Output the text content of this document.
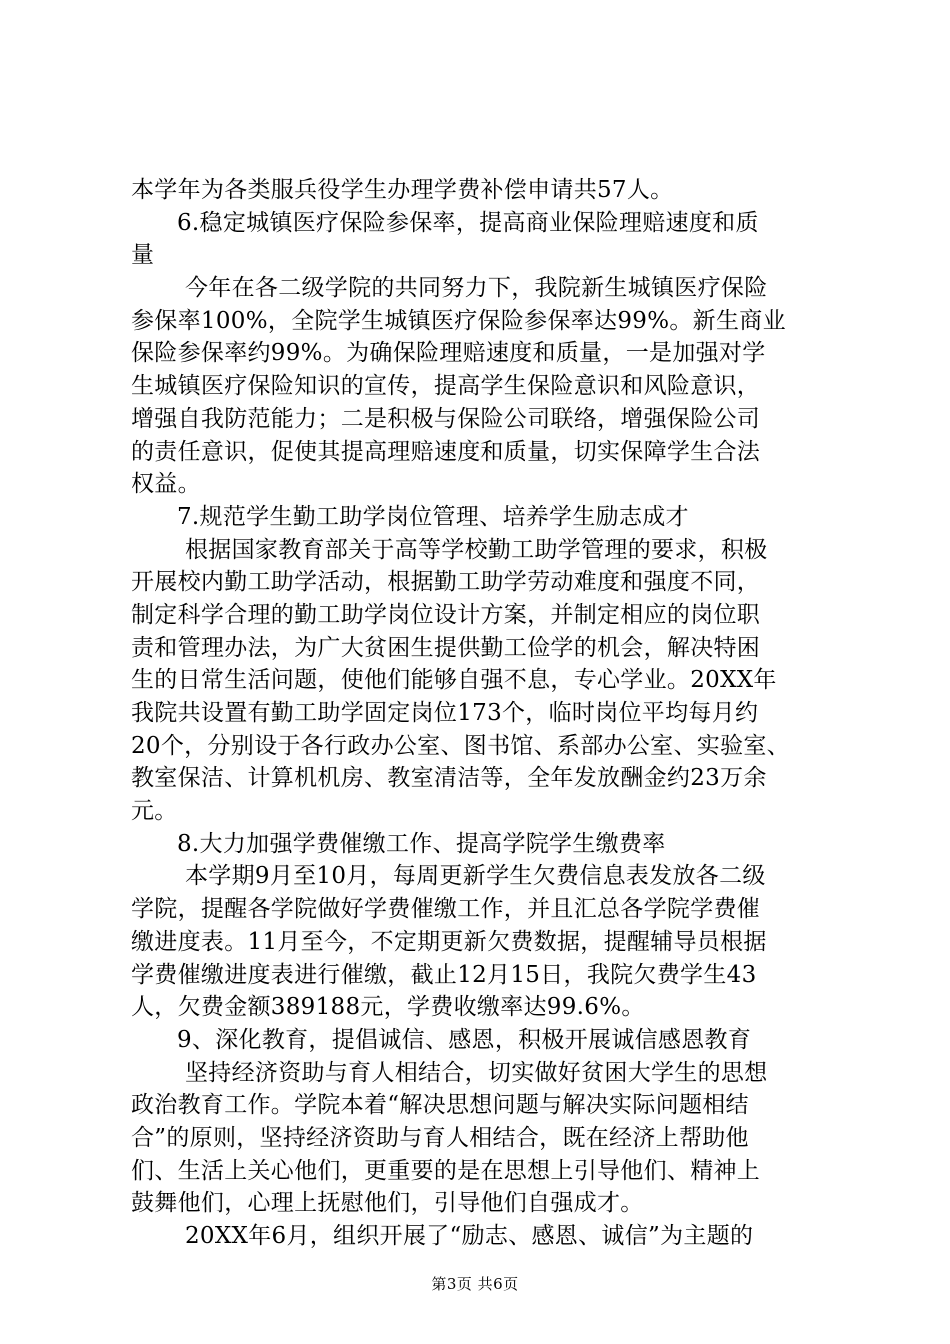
本学年为各类服兵役学生办理学费补偿申请共57人。
6.稳定城镇医疗保险参保率，提高商业保险理赔速度和质
量
今年在各二级学院的共同努力下，我院新生城镇医疗保险
参保率100%，全院学生城镇医疗保险参保率达99%。新生商业
保险参保率约99%。为确保险理赔速度和质量，一是加强对学
生城镇医疗保险知识的宣传，提高学生保险意识和风险意识，
增强自我防范能力；二是积极与保险公司联络，增强保险公司
的责任意识，促使其提高理赔速度和质量，切实保障学生合法
权益。
7.规范学生勤工助学岗位管理、培养学生励志成才
根据国家教育部关于高等学校勤工助学管理的要求，积极
开展校内勤工助学活动，根据勤工助学劳动难度和强度不同，
制定科学合理的勤工助学岗位设计方案，并制定相应的岗位职
责和管理办法，为广大贫困生提供勤工俭学的机会，解决特困
生的日常生活问题，使他们能够自强不息，专心学业。20XX年
我院共设置有勤工助学固定岗位173个，临时岗位平均每月约
20个，分别设于各行政办公室、图书馆、系部办公室、实验室、
教室保洁、计算机机房、教室清洁等，全年发放酬金约23万余
元。
8.大力加强学费催缴工作、提高学院学生缴费率
本学期9月至10月，每周更新学生欠费信息表发放各二级
学院，提醒各学院做好学费催缴工作，并且汇总各学院学费催
缴进度表。11月至今，不定期更新欠费数据，提醒辅导员根据
学费催缴进度表进行催缴，截止12月15日，我院欠费学生43
人，欠费金额389188元，学费收缴率达99.6%。
9、深化教育，提倡诚信、感恩，积极开展诚信感恩教育
坚持经济资助与育人相结合，切实做好贫困大学生的思想
政治教育工作。学院本着“解决思想问题与解决实际问题相结
合”的原则，坚持经济资助与育人相结合，既在经济上帮助他
们、生活上关心他们，更重要的是在思想上引导他们、精神上
鼓舞他们，心理上抚慰他们，引导他们自强成才。
20XX年6月，组织开展了“励志、感恩、诚信”为主题的
第3页 共6页
